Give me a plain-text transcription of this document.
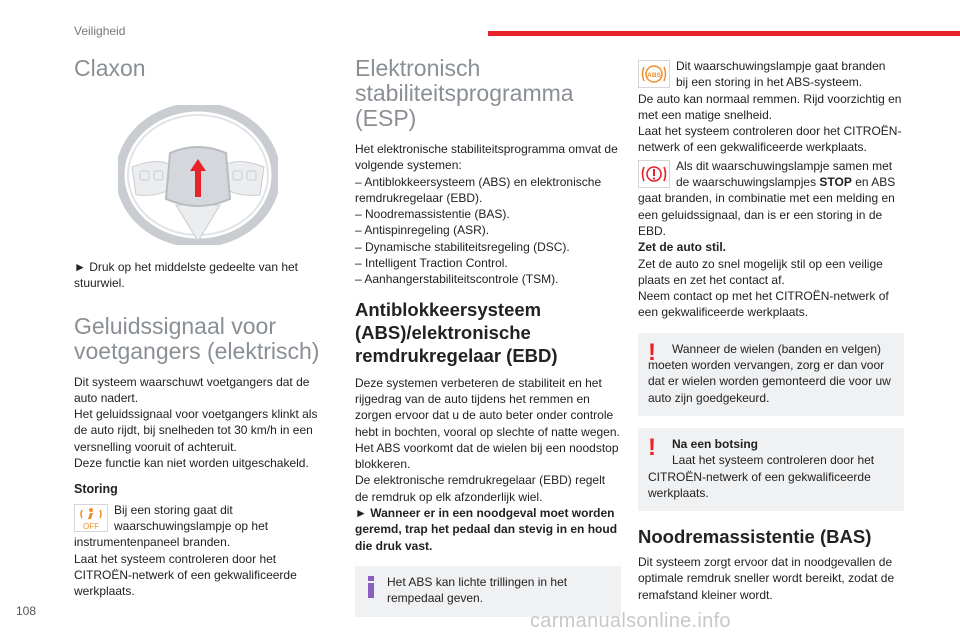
Veiligheid
Claxon

► Druk op het middelste gedeelte van het stuurwiel.

Geluidssignaal voor voetgangers (elektrisch)

Dit systeem waarschuwt voetgangers dat de auto nadert.
Het geluidssignaal voor voetgangers klinkt als de auto rijdt, bij snelheden tot 30 km/h in een versnelling vooruit of achteruit.
Deze functie kan niet worden uitgeschakeld.

Storing
OFF

Bij een storing gaat dit
waarschuwingslampje op het

instrumentenpaneel branden.
Laat het systeem controleren door het CITROËN-netwerk of een gekwalificeerde werkplaats.

Elektronisch stabiliteitsprogramma (ESP)

Het elektronische stabiliteitsprogramma omvat de volgende systemen:
– Antiblokkeersysteem (ABS) en elektronische remdrukregelaar (EBD).
– Noodremassistentie (BAS).
– Antispinregeling (ASR).
– Dynamische stabiliteitsregeling (DSC).
– Intelligent Traction Control.
– Aanhangerstabiliteitscontrole (TSM).

Antiblokkeersysteem (ABS)/elektronische remdrukregelaar (EBD)

Deze systemen verbeteren de stabiliteit en het rijgedrag van de auto tijdens het remmen en zorgen ervoor dat u de auto beter onder controle hebt in bochten, vooral op slechte of natte wegen.
Het ABS voorkomt dat de wielen bij een noodstop blokkeren.
De elektronische remdrukregelaar (EBD) regelt de remdruk op elk afzonderlijk wiel.

► Wanneer er in een noodgeval moet worden geremd, trap het pedaal dan stevig in en houd die druk vast.

Het ABS kan lichte trillingen in het rempedaal geven.
ABS

Dit waarschuwingslampje gaat branden
bij een storing in het ABS-systeem.

De auto kan normaal remmen. Rijd voorzichtig en met een matige snelheid.
Laat het systeem controleren door het CITROËN-netwerk of een gekwalificeerde werkplaats.

Als dit waarschuwingslampje samen met

de waarschuwingslampjes STOP en ABS

gaat branden, in combinatie met een melding en een geluidssignaal, dan is er een storing in de EBD.

Zet de auto stil.

Zet de auto zo snel mogelijk stil op een veilige plaats en zet het contact af.
Neem contact op met het CITROËN-netwerk of een gekwalificeerde werkplaats.

!	Wanneer de wielen (banden en velgen) moeten worden vervangen, zorg er dan voor dat er wielen worden gemonteerd die voor uw auto zijn goedgekeurd.
!	Na een botsing
Laat het systeem controleren door het CITROËN-netwerk of een gekwalificeerde werkplaats.
Noodremassistentie (BAS)

Dit systeem zorgt ervoor dat in noodgevallen de optimale remdruk sneller wordt bereikt, zodat de remafstand kleiner wordt.

108	carmanualsonline.info
